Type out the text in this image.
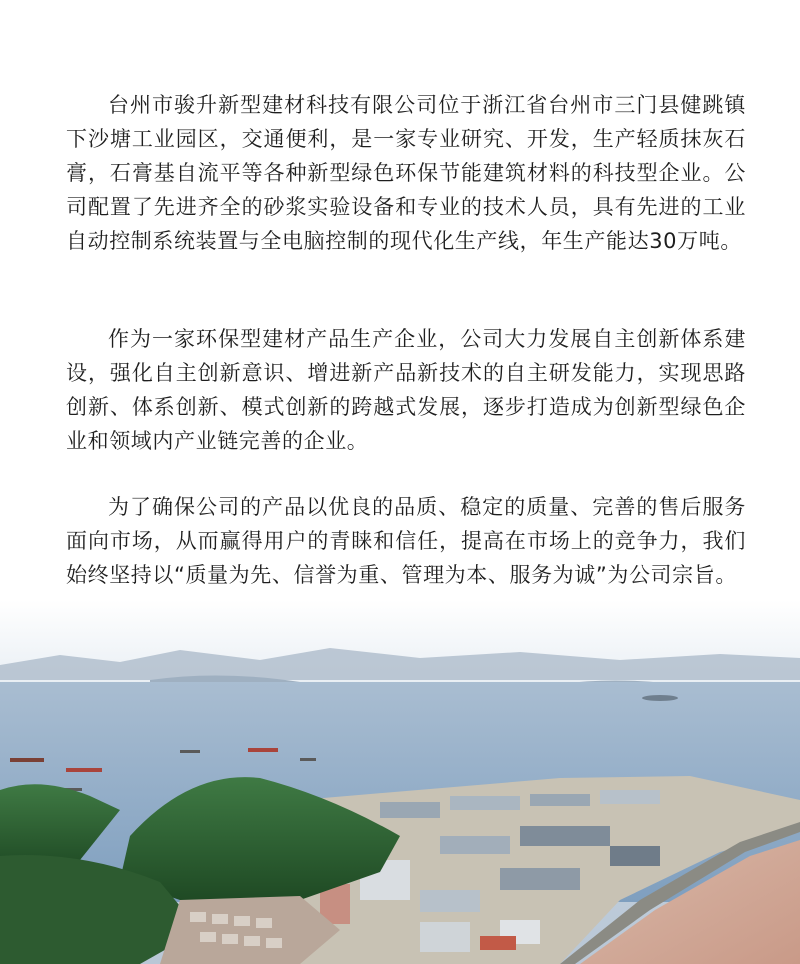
台州市骏升新型建材科技有限公司位于浙江省台州市三门县健跳镇下沙塘工业园区，交通便利，是一家专业研究、开发，生产轻质抹灰石膏，石膏基自流平等各种新型绿色环保节能建筑材料的科技型企业。公司配置了先进齐全的砂浆实验设备和专业的技术人员，具有先进的工业自动控制系统装置与全电脑控制的现代化生产线，年生产能达30万吨。

作为一家环保型建材产品生产企业，公司大力发展自主创新体系建设，强化自主创新意识、增进新产品新技术的自主研发能力，实现思路创新、体系创新、模式创新的跨越式发展，逐步打造成为创新型绿色企业和领域内产业链完善的企业。

为了确保公司的产品以优良的品质、稳定的质量、完善的售后服务面向市场，从而赢得用户的青睐和信任，提高在市场上的竞争力，我们始终坚持以“质量为先、信誉为重、管理为本、服务为诚”为公司宗旨。
